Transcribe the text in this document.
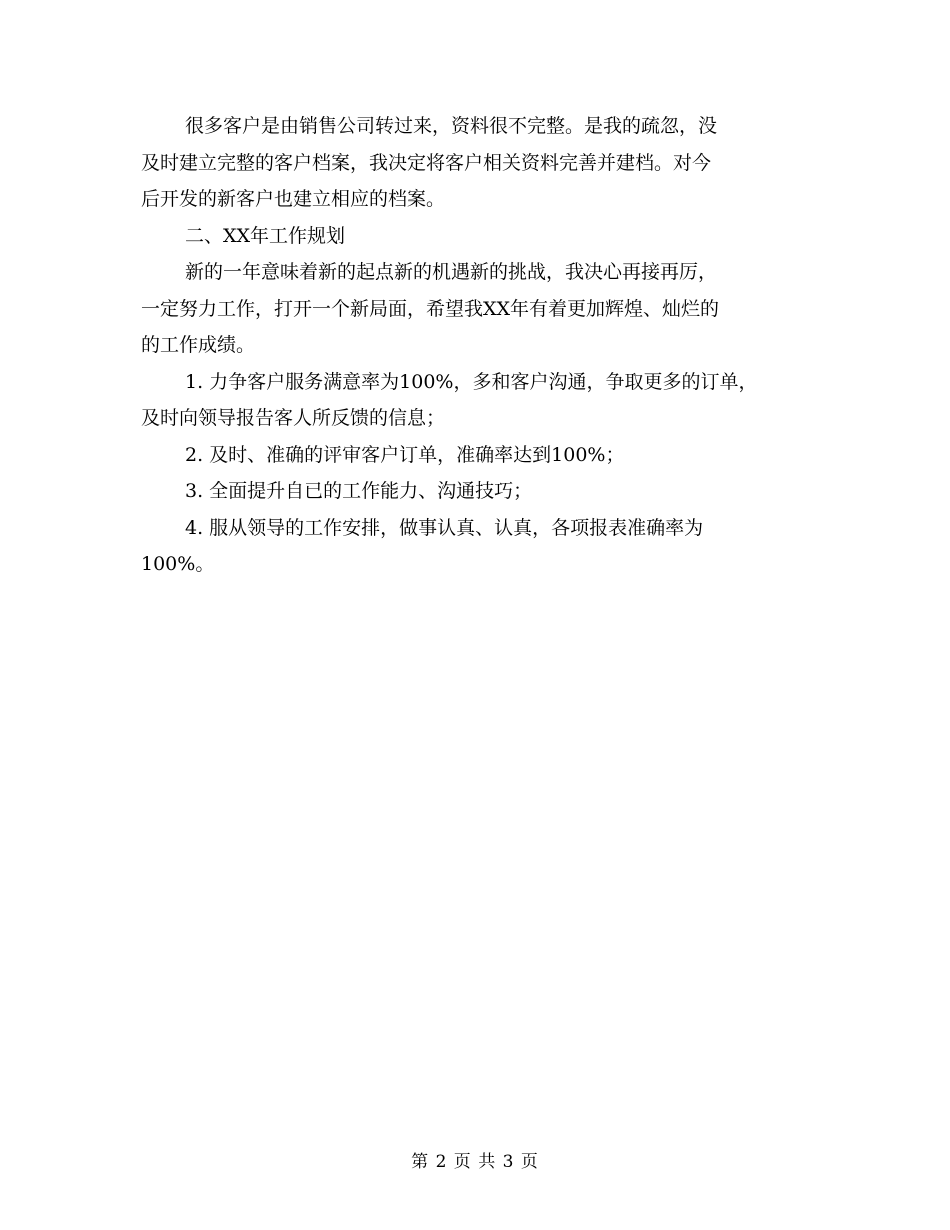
很多客户是由销售公司转过来，资料很不完整。是我的疏忽，没
及时建立完整的客户档案，我决定将客户相关资料完善并建档。对今
后开发的新客户也建立相应的档案。

二、XX年工作规划

新的一年意味着新的起点新的机遇新的挑战，我决心再接再厉，
一定努力工作，打开一个新局面，希望我XX年有着更加辉煌、灿烂的
的工作成绩。

1. 力争客户服务满意率为100%，多和客户沟通，争取更多的订单，
及时向领导报告客人所反馈的信息；

2. 及时、准确的评审客户订单，准确率达到100%；

3. 全面提升自已的工作能力、沟通技巧；

4. 服从领导的工作安排，做事认真、认真，各项报表准确率为
100%。

第 2 页 共 3 页
